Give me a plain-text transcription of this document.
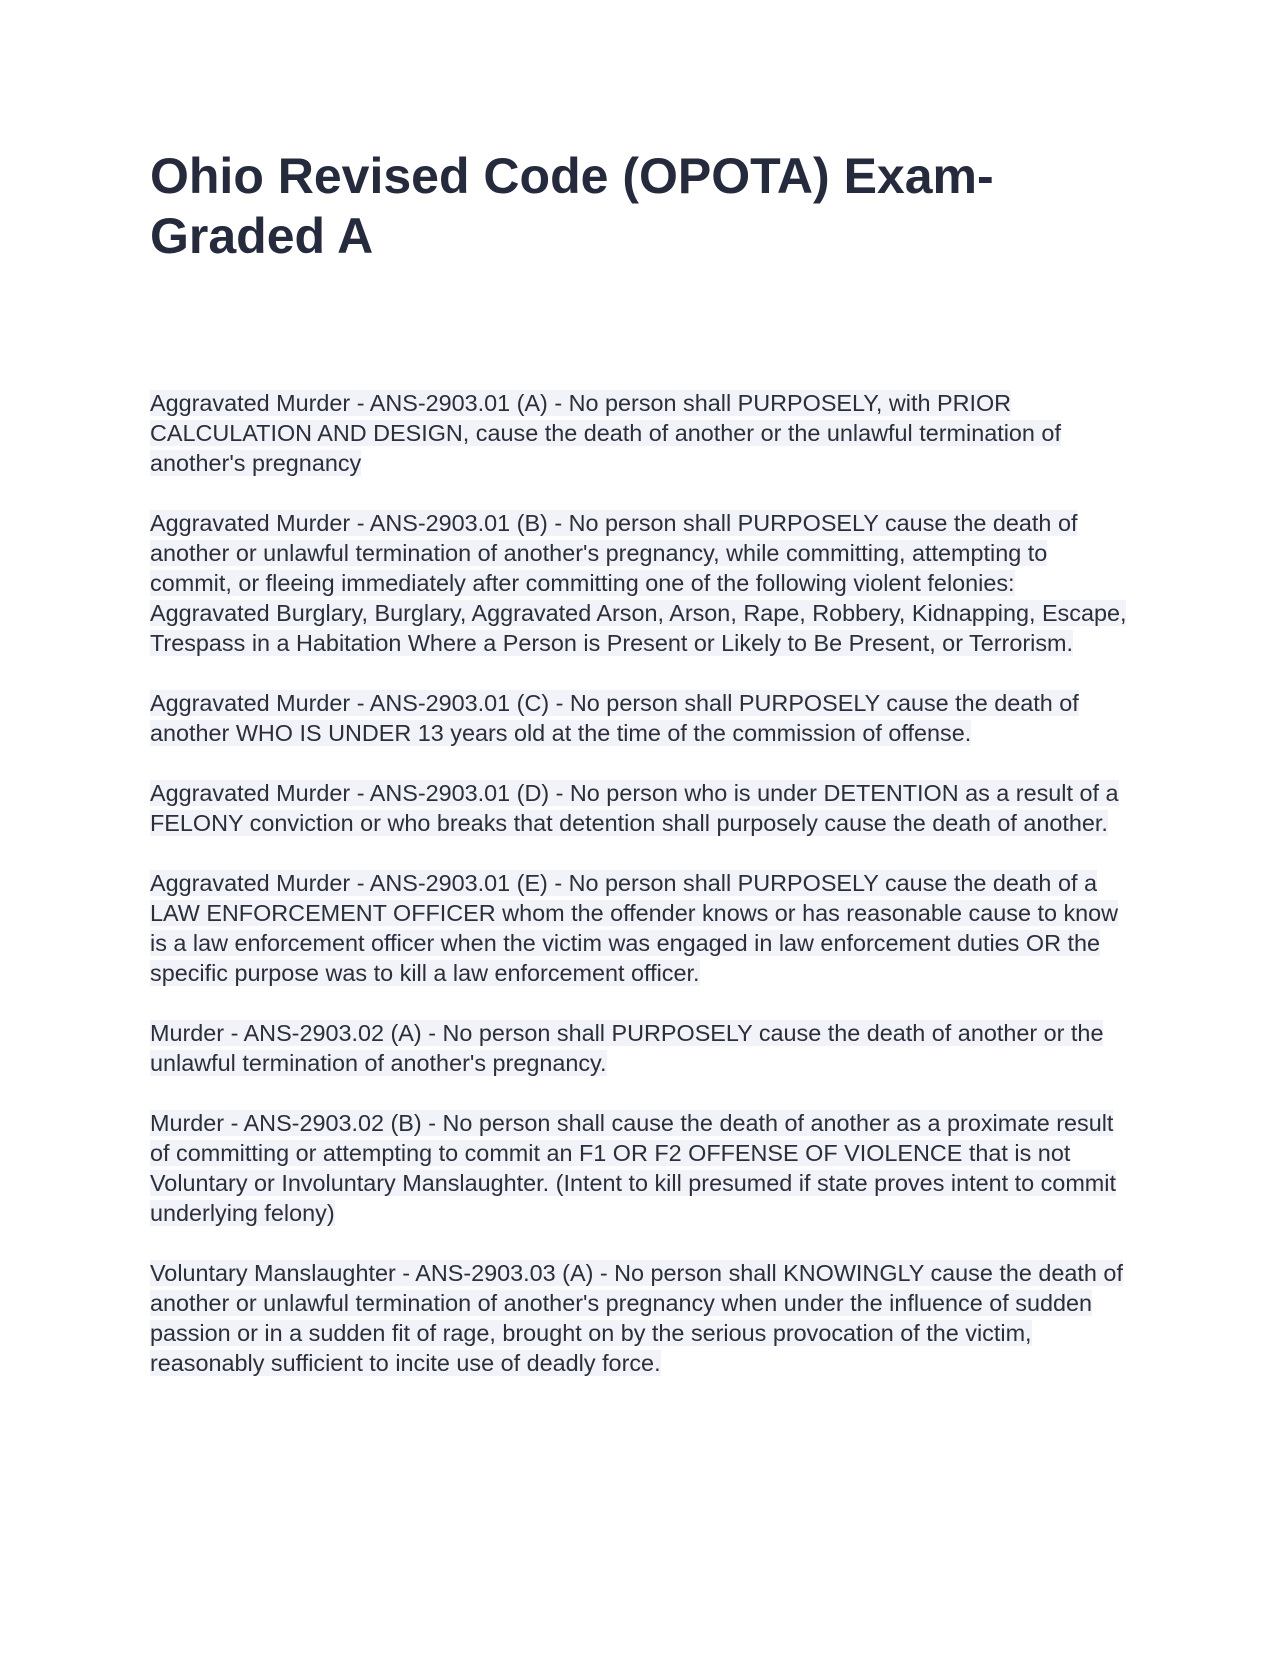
Ohio Revised Code (OPOTA) Exam- Graded A

Aggravated Murder - ANS-2903.01 (A) - No person shall PURPOSELY, with PRIOR CALCULATION AND DESIGN, cause the death of another or the unlawful termination of another's pregnancy

Aggravated Murder - ANS-2903.01 (B) - No person shall PURPOSELY cause the death of another or unlawful termination of another's pregnancy, while committing, attempting to commit, or fleeing immediately after committing one of the following violent felonies: Aggravated Burglary, Burglary, Aggravated Arson, Arson, Rape, Robbery, Kidnapping, Escape, Trespass in a Habitation Where a Person is Present or Likely to Be Present, or Terrorism.

Aggravated Murder - ANS-2903.01 (C) - No person shall PURPOSELY cause the death of another WHO IS UNDER 13 years old at the time of the commission of offense.

Aggravated Murder - ANS-2903.01 (D) - No person who is under DETENTION as a result of a FELONY conviction or who breaks that detention shall purposely cause the death of another.

Aggravated Murder - ANS-2903.01 (E) - No person shall PURPOSELY cause the death of a LAW ENFORCEMENT OFFICER whom the offender knows or has reasonable cause to know is a law enforcement officer when the victim was engaged in law enforcement duties OR the specific purpose was to kill a law enforcement officer.

Murder - ANS-2903.02 (A) - No person shall PURPOSELY cause the death of another or the unlawful termination of another's pregnancy.

Murder - ANS-2903.02 (B) - No person shall cause the death of another as a proximate result of committing or attempting to commit an F1 OR F2 OFFENSE OF VIOLENCE that is not Voluntary or Involuntary Manslaughter. (Intent to kill presumed if state proves intent to commit underlying felony)

Voluntary Manslaughter - ANS-2903.03 (A) - No person shall KNOWINGLY cause the death of another or unlawful termination of another's pregnancy when under the influence of sudden passion or in a sudden fit of rage, brought on by the serious provocation of the victim, reasonably sufficient to incite use of deadly force.
